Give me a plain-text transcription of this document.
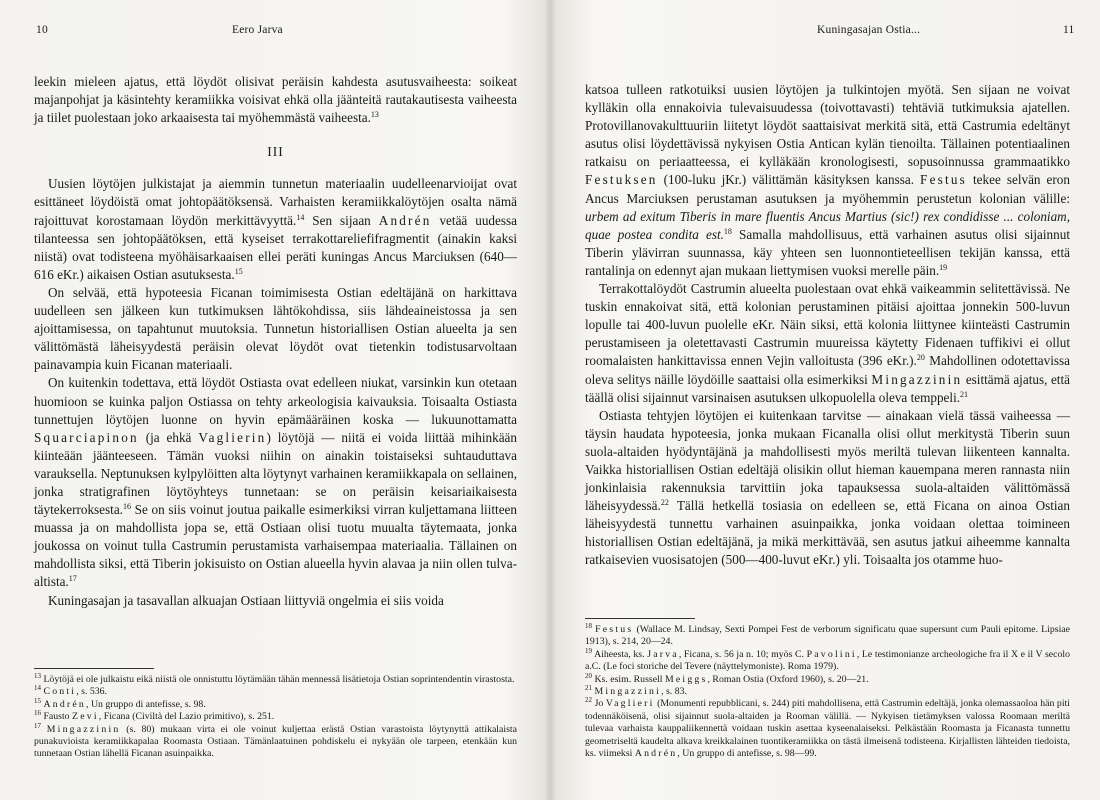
10	Eero Jarva

leekin mieleen ajatus, että löydöt olisivat peräisin kahdesta asutusvaiheesta: soikeat majanpohjat ja käsintehty keramiikka voisivat ehkä olla jäänteitä rautakautisesta vaiheesta ja tiilet puolestaan joko arkaaisesta tai myöhemmästä vaiheesta.$^{13}$

III

Uusien löytöjen julkistajat ja aiemmin tunnetun materiaalin uudelleenarvioijat ovat esittäneet löydöistä omat johtopäätöksensä. Varhaisten keramiikkalöytöjen osalta nämä rajoittuvat korostamaan löydön merkittävyyttä.$^{14}$ Sen sijaan Andrén vetää uudessa tilanteessa sen johtopäätöksen, että kyseiset terrakottareliefifragmentit (ainakin kaksi niistä) ovat todisteena myöhäisarkaaisen ellei peräti kuningas Ancus Marciuksen (640—616 eKr.) aikaisen Ostian asutuksesta.$^{15}$

On selvää, että hypoteesia Ficanan toimimisesta Ostian edeltäjänä on harkittava uudelleen sen jälkeen kun tutkimuksen lähtökohdissa, siis lähdeaineistossa ja sen ajoittamisessa, on tapahtunut muutoksia. Tunnetun historiallisen Ostian alueelta ja sen välittömästä läheisyydestä peräisin olevat löydöt ovat tietenkin todistusarvoltaan painavampia kuin Ficanan materiaali.

On kuitenkin todettava, että löydöt Ostiasta ovat edelleen niukat, varsinkin kun otetaan huomioon se kuinka paljon Ostiassa on tehty arkeologisia kaivauksia. Toisaalta Ostiasta tunnettujen löytöjen luonne on hyvin epämääräinen koska — lukuunottamatta Squarciapinon (ja ehkä Vaglierin) löytöjä — niitä ei voida liittää mihinkään kiinteään jäänteeseen. Tämän vuoksi niihin on ainakin toistaiseksi suhtauduttava varauksella. Neptunuksen kylpylöitten alta löytynyt varhainen keramiikkapala on sellainen, jonka stratigrafinen löytöyhteys tunnetaan: se on peräisin keisariaikaisesta täytekerroksesta.$^{16}$ Se on siis voinut joutua paikalle esimerkiksi virran kuljettamana liitteen muassa ja on mahdollista jopa se, että Ostiaan olisi tuotu muualta täytemaata, jonka joukossa on voinut tulla Castrumin perustamista varhaisempaa materiaalia. Tällainen on mahdollista siksi, että Tiberin jokisuisto on Ostian alueella hyvin alavaa ja niin ollen tulva-altista.$^{17}$

Kuningasajan ja tasavallan alkuajan Ostiaan liittyviä ongelmia ei siis voida

$^{13}$ Löytöjä ei ole julkaistu eikä niistä ole onnistuttu löytämään tähän mennessä lisätietoja Ostian soprintendentin virastosta.

$^{14}$ Conti, s. 536.

$^{15}$ Andrén, Un gruppo di antefisse, s. 98.

$^{16}$ Fausto Zevi, Ficana (Civiltà del Lazio primitivo), s. 251.

$^{17}$ Mingazzinin (s. 80) mukaan virta ei ole voinut kuljettaa erästä Ostian varastoista löytynyttä attikalaista punakuvioista keramiikkapalaa Roomasta Ostiaan. Tämänlaatuinen pohdiskelu ei nykyään ole tarpeen, etenkään kun tunnetaan Ostian lähellä Ficanan asuinpaikka.

Kuningasajan Ostia...	11

katsoa tulleen ratkotuiksi uusien löytöjen ja tulkintojen myötä. Sen sijaan ne voivat kylläkin olla ennakoivia tulevaisuudessa (toivottavasti) tehtäviä tutkimuksia ajatellen. Protovillanovakulttuuriin liitetyt löydöt saattaisivat merkitä sitä, että Castrumia edeltänyt asutus olisi löydettävissä nykyisen Ostia Antican kylän tienoilta. Tällainen potentiaalinen ratkaisu on periaatteessa, ei kylläkään kronologisesti, sopusoinnussa grammaatikko Festuksen (100-luku jKr.) välittämän käsityksen kanssa. Festus tekee selvän eron Ancus Marciuksen perustaman asutuksen ja myöhemmin perustetun kolonian välille: urbem ad exitum Tiberis in mare fluentis Ancus Martius (sic!) rex condidisse ... coloniam, quae postea condita est.$^{18}$ Samalla mahdollisuus, että varhainen asutus olisi sijainnut Tiberin ylävirran suunnassa, käy yhteen sen luonnontieteellisen tekijän kanssa, että rantalinja on edennyt ajan mukaan liettymisen vuoksi merelle päin.$^{19}$

Terrakottalöydöt Castrumin alueelta puolestaan ovat ehkä vaikeammin selitettävissä. Ne tuskin ennakoivat sitä, että kolonian perustaminen pitäisi ajoittaa jonnekin 500-luvun lopulle tai 400-luvun puolelle eKr. Näin siksi, että kolonia liittynee kiinteästi Castrumin perustamiseen ja oletettavasti Castrumin muureissa käytetty Fidenaen tuffikivi ei ollut roomalaisten hankittavissa ennen Vejin valloitusta (396 eKr.).$^{20}$ Mahdollinen odotettavissa oleva selitys näille löydöille saattaisi olla esimerkiksi Mingazzinin esittämä ajatus, että täällä olisi sijainnut varsinaisen asutuksen ulkopuolella oleva temppeli.$^{21}$

Ostiasta tehtyjen löytöjen ei kuitenkaan tarvitse — ainakaan vielä tässä vaiheessa — täysin haudata hypoteesia, jonka mukaan Ficanalla olisi ollut merkitystä Tiberin suun suola-altaiden hyödyntäjänä ja mahdollisesti myös meriltä tulevan liikenteen kannalta. Vaikka historiallisen Ostian edeltäjä olisikin ollut hieman kauempana meren rannasta niin jonkinlaisia rakennuksia tarvittiin joka tapauksessa suola-altaiden välittömässä läheisyydessä.$^{22}$ Tällä hetkellä tosiasia on edelleen se, että Ficana on ainoa Ostian läheisyydestä tunnettu varhainen asuinpaikka, jonka voidaan olettaa toimineen historiallisen Ostian edeltäjänä, ja mikä merkittävää, sen asutus jatkui aiheemme kannalta ratkaisevien vuosisatojen (500—400-luvut eKr.) yli. Toisaalta jos otamme huo-

$^{18}$ Festus (Wallace M. Lindsay, Sexti Pompei Fest de verborum significatu quae supersunt cum Pauli epitome. Lipsiae 1913), s. 214, 20—24.

$^{19}$ Aiheesta, ks. Jarva, Ficana, s. 56 ja n. 10; myös C. Pavolini, Le testimonianze archeologiche fra il X e il V secolo a.C. (Le foci storiche del Tevere (näyttelymoniste). Roma 1979).

$^{20}$ Ks. esim. Russell Meiggs, Roman Ostia (Oxford 1960), s. 20—21.

$^{21}$ Mingazzini, s. 83.

$^{22}$ Jo Vaglieri (Monumenti repubblicani, s. 244) piti mahdollisena, että Castrumin edeltäjä, jonka olemassaoloa hän piti todennäköisenä, olisi sijainnut suola-altaiden ja Rooman välillä. — Nykyisen tietämyksen valossa Roomaan meriltä tulevaa varhaista kauppaliikennettä voidaan tuskin asettaa kyseenalaiseksi. Pelkästään Roomasta ja Ficanasta tunnettu geometriseltä kaudelta alkava kreikkalainen tuontikeramiikka on tästä ilmeisenä todisteena. Kirjallisten lähteiden tiedoista, ks. viimeksi Andrén, Un gruppo di antefisse, s. 98—99.
